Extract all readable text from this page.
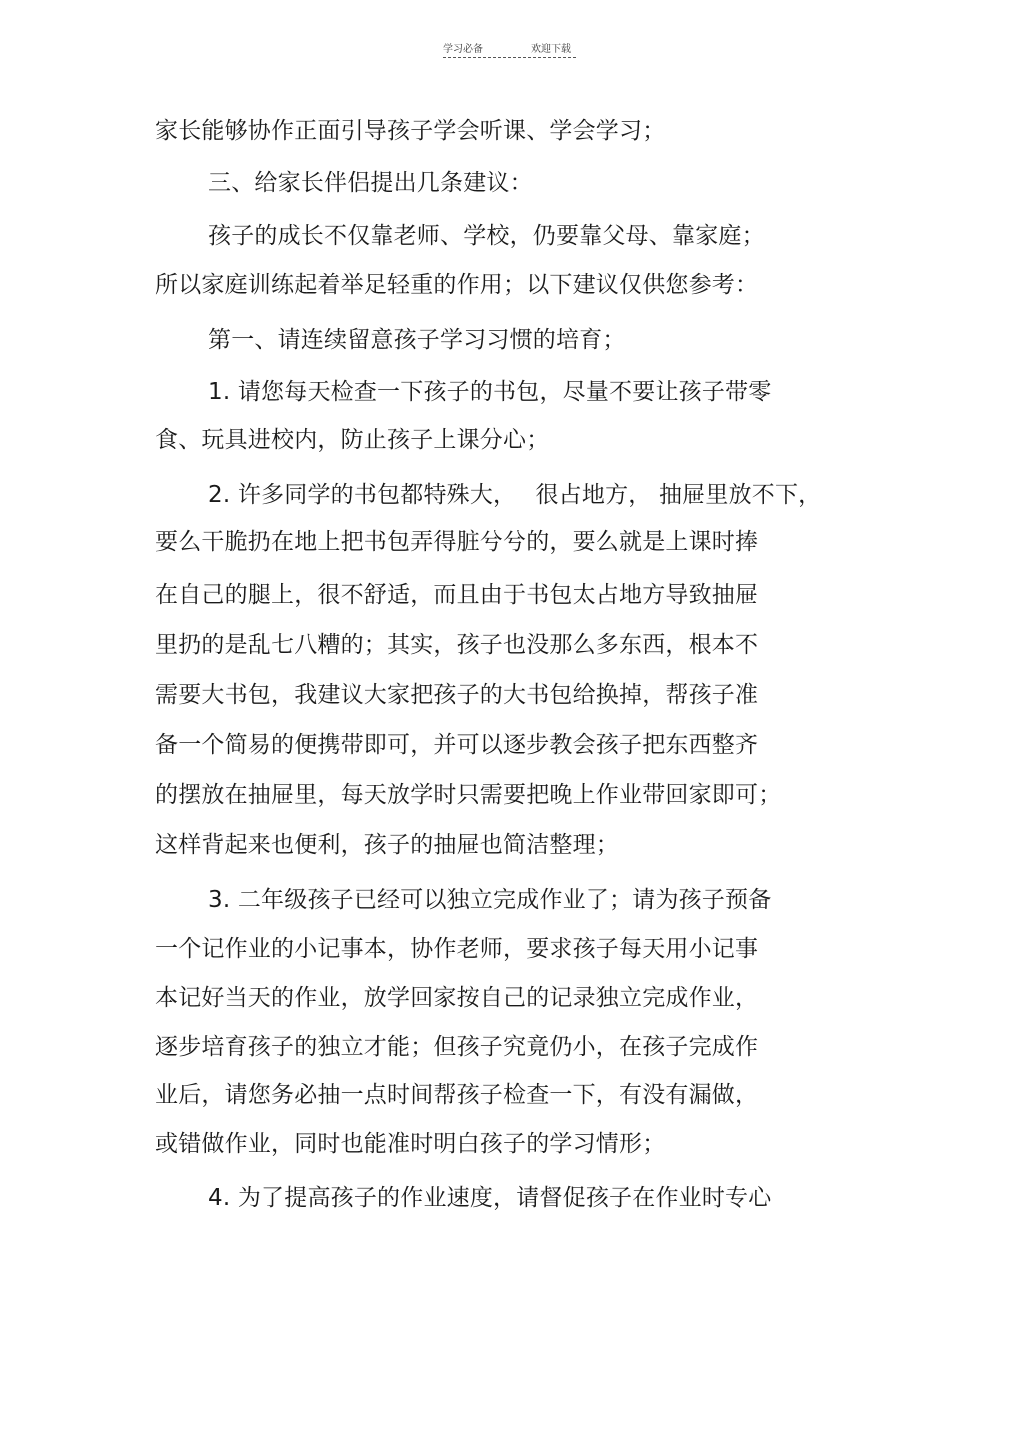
学习必备	欢迎下载
家长能够协作正面引导孩子学会听课、学会学习；
三、给家长伴侣提出几条建议：
孩子的成长不仅靠老师、学校，仍要靠父母、靠家庭；
所以家庭训练起着举足轻重的作用；以下建议仅供您参考：
第一、请连续留意孩子学习习惯的培育；
1. 请您每天检查一下孩子的书包，尽量不要让孩子带零
食、玩具进校内，防止孩子上课分心；
2. 许多同学的书包都特殊大，　 很占地方， 抽屉里放不下，
要么干脆扔在地上把书包弄得脏兮兮的，要么就是上课时捧
在自己的腿上，很不舒适，而且由于书包太占地方导致抽屉
里扔的是乱七八糟的；其实，孩子也没那么多东西，根本不
需要大书包，我建议大家把孩子的大书包给换掉，帮孩子准
备一个简易的便携带即可，并可以逐步教会孩子把东西整齐
的摆放在抽屉里，每天放学时只需要把晚上作业带回家即可；
这样背起来也便利，孩子的抽屉也简洁整理；
3. 二年级孩子已经可以独立完成作业了；请为孩子预备
一个记作业的小记事本，协作老师，要求孩子每天用小记事
本记好当天的作业，放学回家按自己的记录独立完成作业，
逐步培育孩子的独立才能；但孩子究竟仍小，在孩子完成作
业后，请您务必抽一点时间帮孩子检查一下，有没有漏做，
或错做作业，同时也能准时明白孩子的学习情形；
4. 为了提高孩子的作业速度，请督促孩子在作业时专心
